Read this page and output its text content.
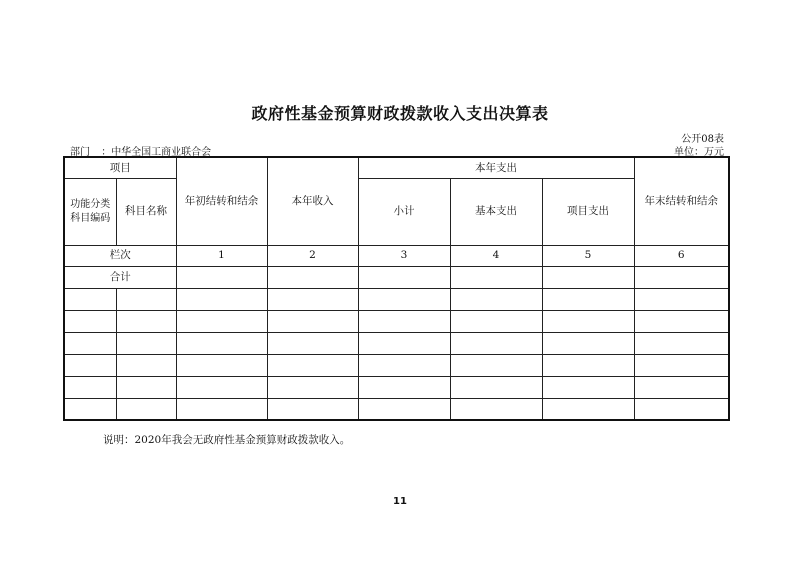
政府性基金预算财政拨款收入支出决算表
公开08表
部门 ：中华全国工商业联合会	单位：万元
项目		年初结转和结余	本年收入	本年支出			年末结转和结余
功能分类科目编码	科目名称			小计	基本支出	项目支出	
栏次		1	2	3	4	5	6
合计							

说明：2020年我会无政府性基金预算财政拨款收入。
11
